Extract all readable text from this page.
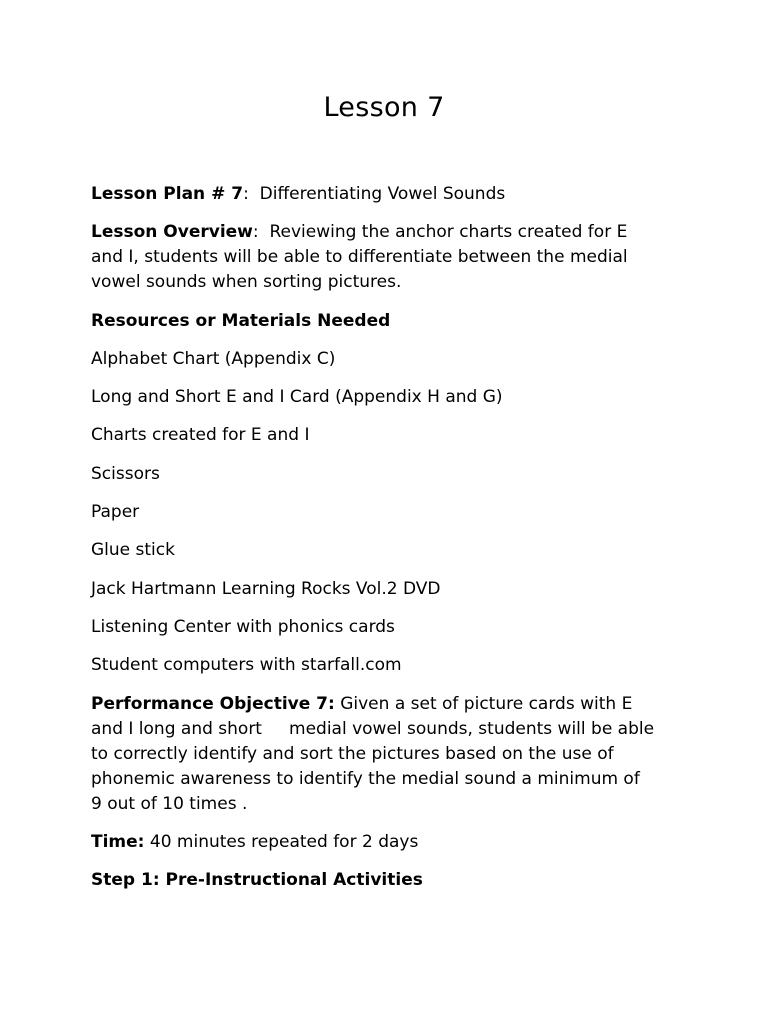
Lesson 7

Lesson Plan # 7:  Differentiating Vowel Sounds

Lesson Overview:  Reviewing the anchor charts created for E
and I, students will be able to differentiate between the medial
vowel sounds when sorting pictures.

Resources or Materials Needed

Alphabet Chart (Appendix C)

Long and Short E and I Card (Appendix H and G)

Charts created for E and I

Scissors

Paper

Glue stick

Jack Hartmann Learning Rocks Vol.2 DVD

Listening Center with phonics cards

Student computers with starfall.com

Performance Objective 7: Given a set of picture cards with E
and I long and short medial vowel sounds, students will be able
to correctly identify and sort the pictures based on the use of
phonemic awareness to identify the medial sound a minimum of
9 out of 10 times .

Time: 40 minutes repeated for 2 days

Step 1: Pre-Instructional Activities
